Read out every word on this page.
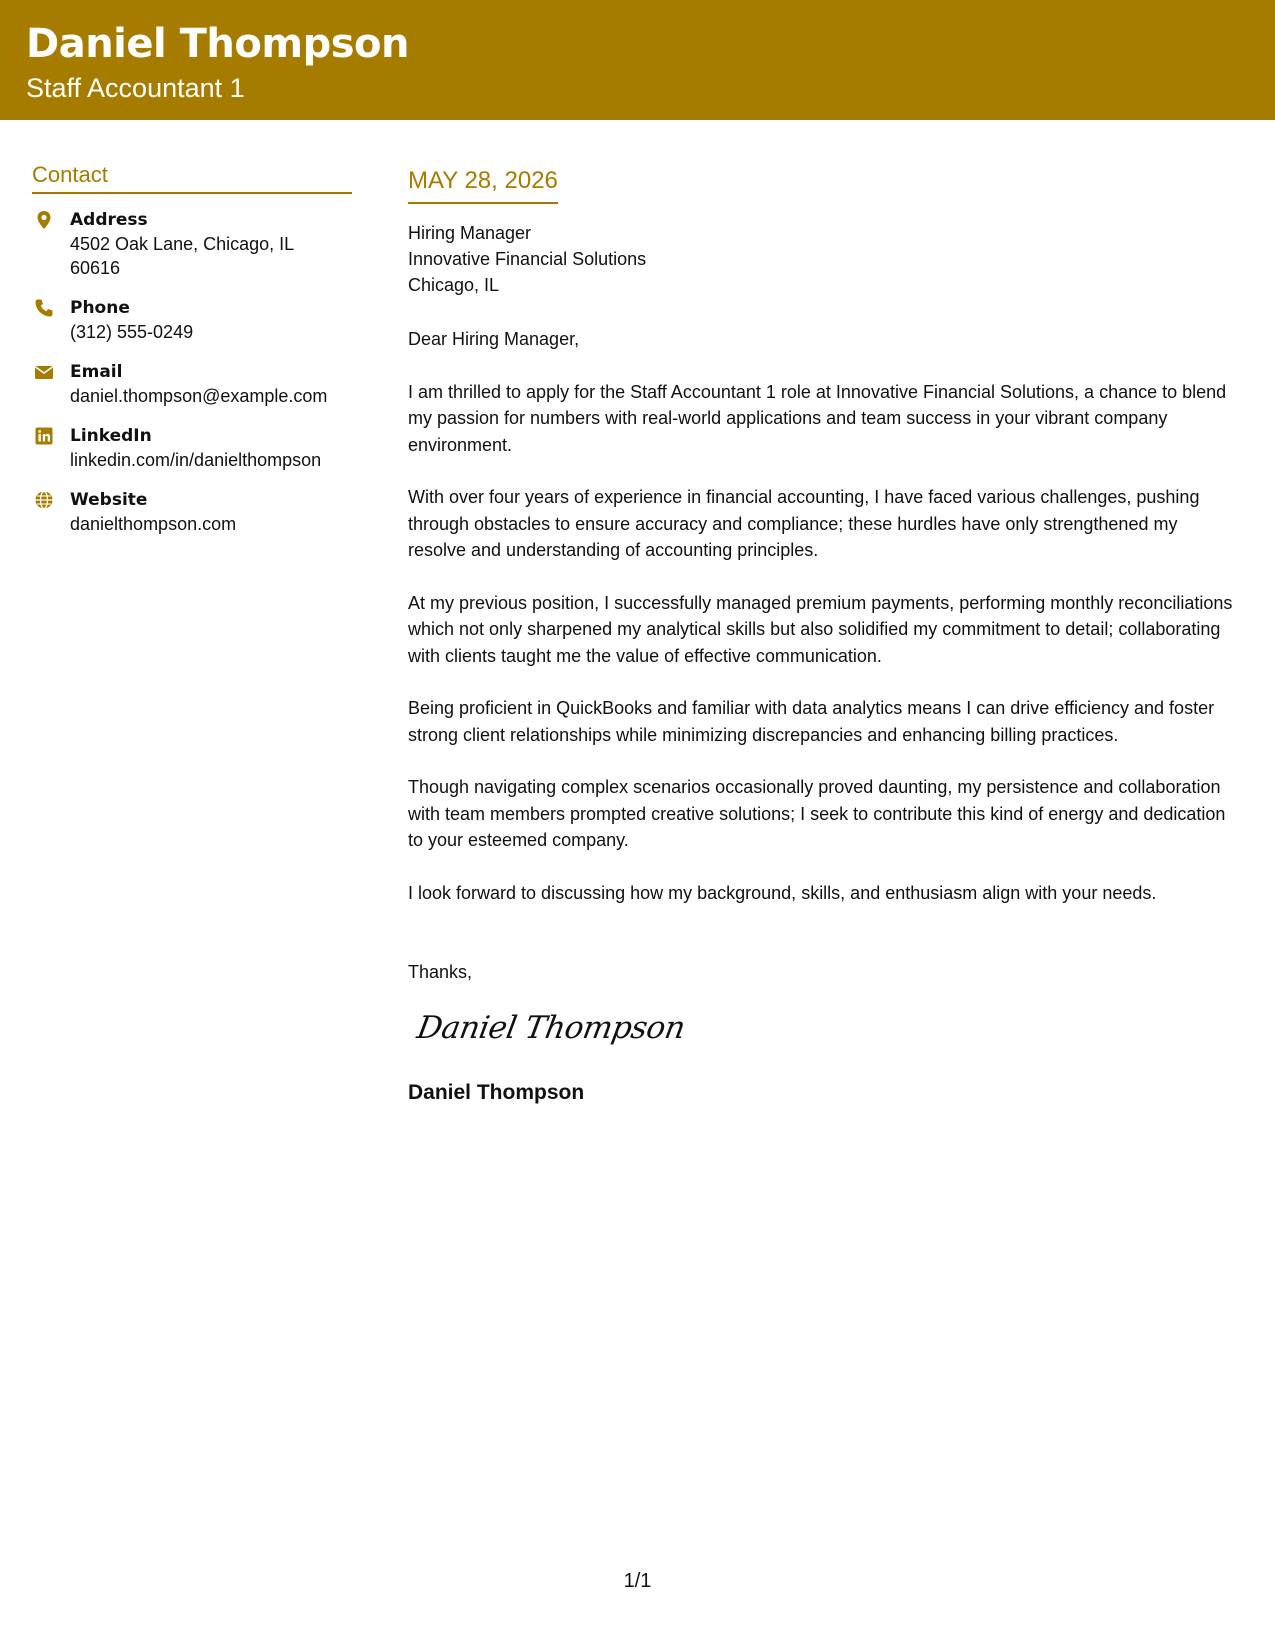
Daniel Thompson
Staff Accountant 1
Contact
Address
4502 Oak Lane, Chicago, IL
60616
Phone
(312) 555-0249
Email
daniel.thompson@example.com
LinkedIn
linkedin.com/in/danielthompson
Website
danielthompson.com
MAY 28, 2026
Hiring Manager
Innovative Financial Solutions
Chicago, IL
Dear Hiring Manager,
I am thrilled to apply for the Staff Accountant 1 role at Innovative Financial Solutions, a chance to blend my passion for numbers with real-world applications and team success in your vibrant company environment.
With over four years of experience in financial accounting, I have faced various challenges, pushing through obstacles to ensure accuracy and compliance; these hurdles have only strengthened my resolve and understanding of accounting principles.
At my previous position, I successfully managed premium payments, performing monthly reconciliations which not only sharpened my analytical skills but also solidified my commitment to detail; collaborating with clients taught me the value of effective communication.
Being proficient in QuickBooks and familiar with data analytics means I can drive efficiency and foster strong client relationships while minimizing discrepancies and enhancing billing practices.
Though navigating complex scenarios occasionally proved daunting, my persistence and collaboration with team members prompted creative solutions; I seek to contribute this kind of energy and dedication to your esteemed company.
I look forward to discussing how my background, skills, and enthusiasm align with your needs.
Thanks,
Daniel Thompson
Daniel Thompson
1/1
